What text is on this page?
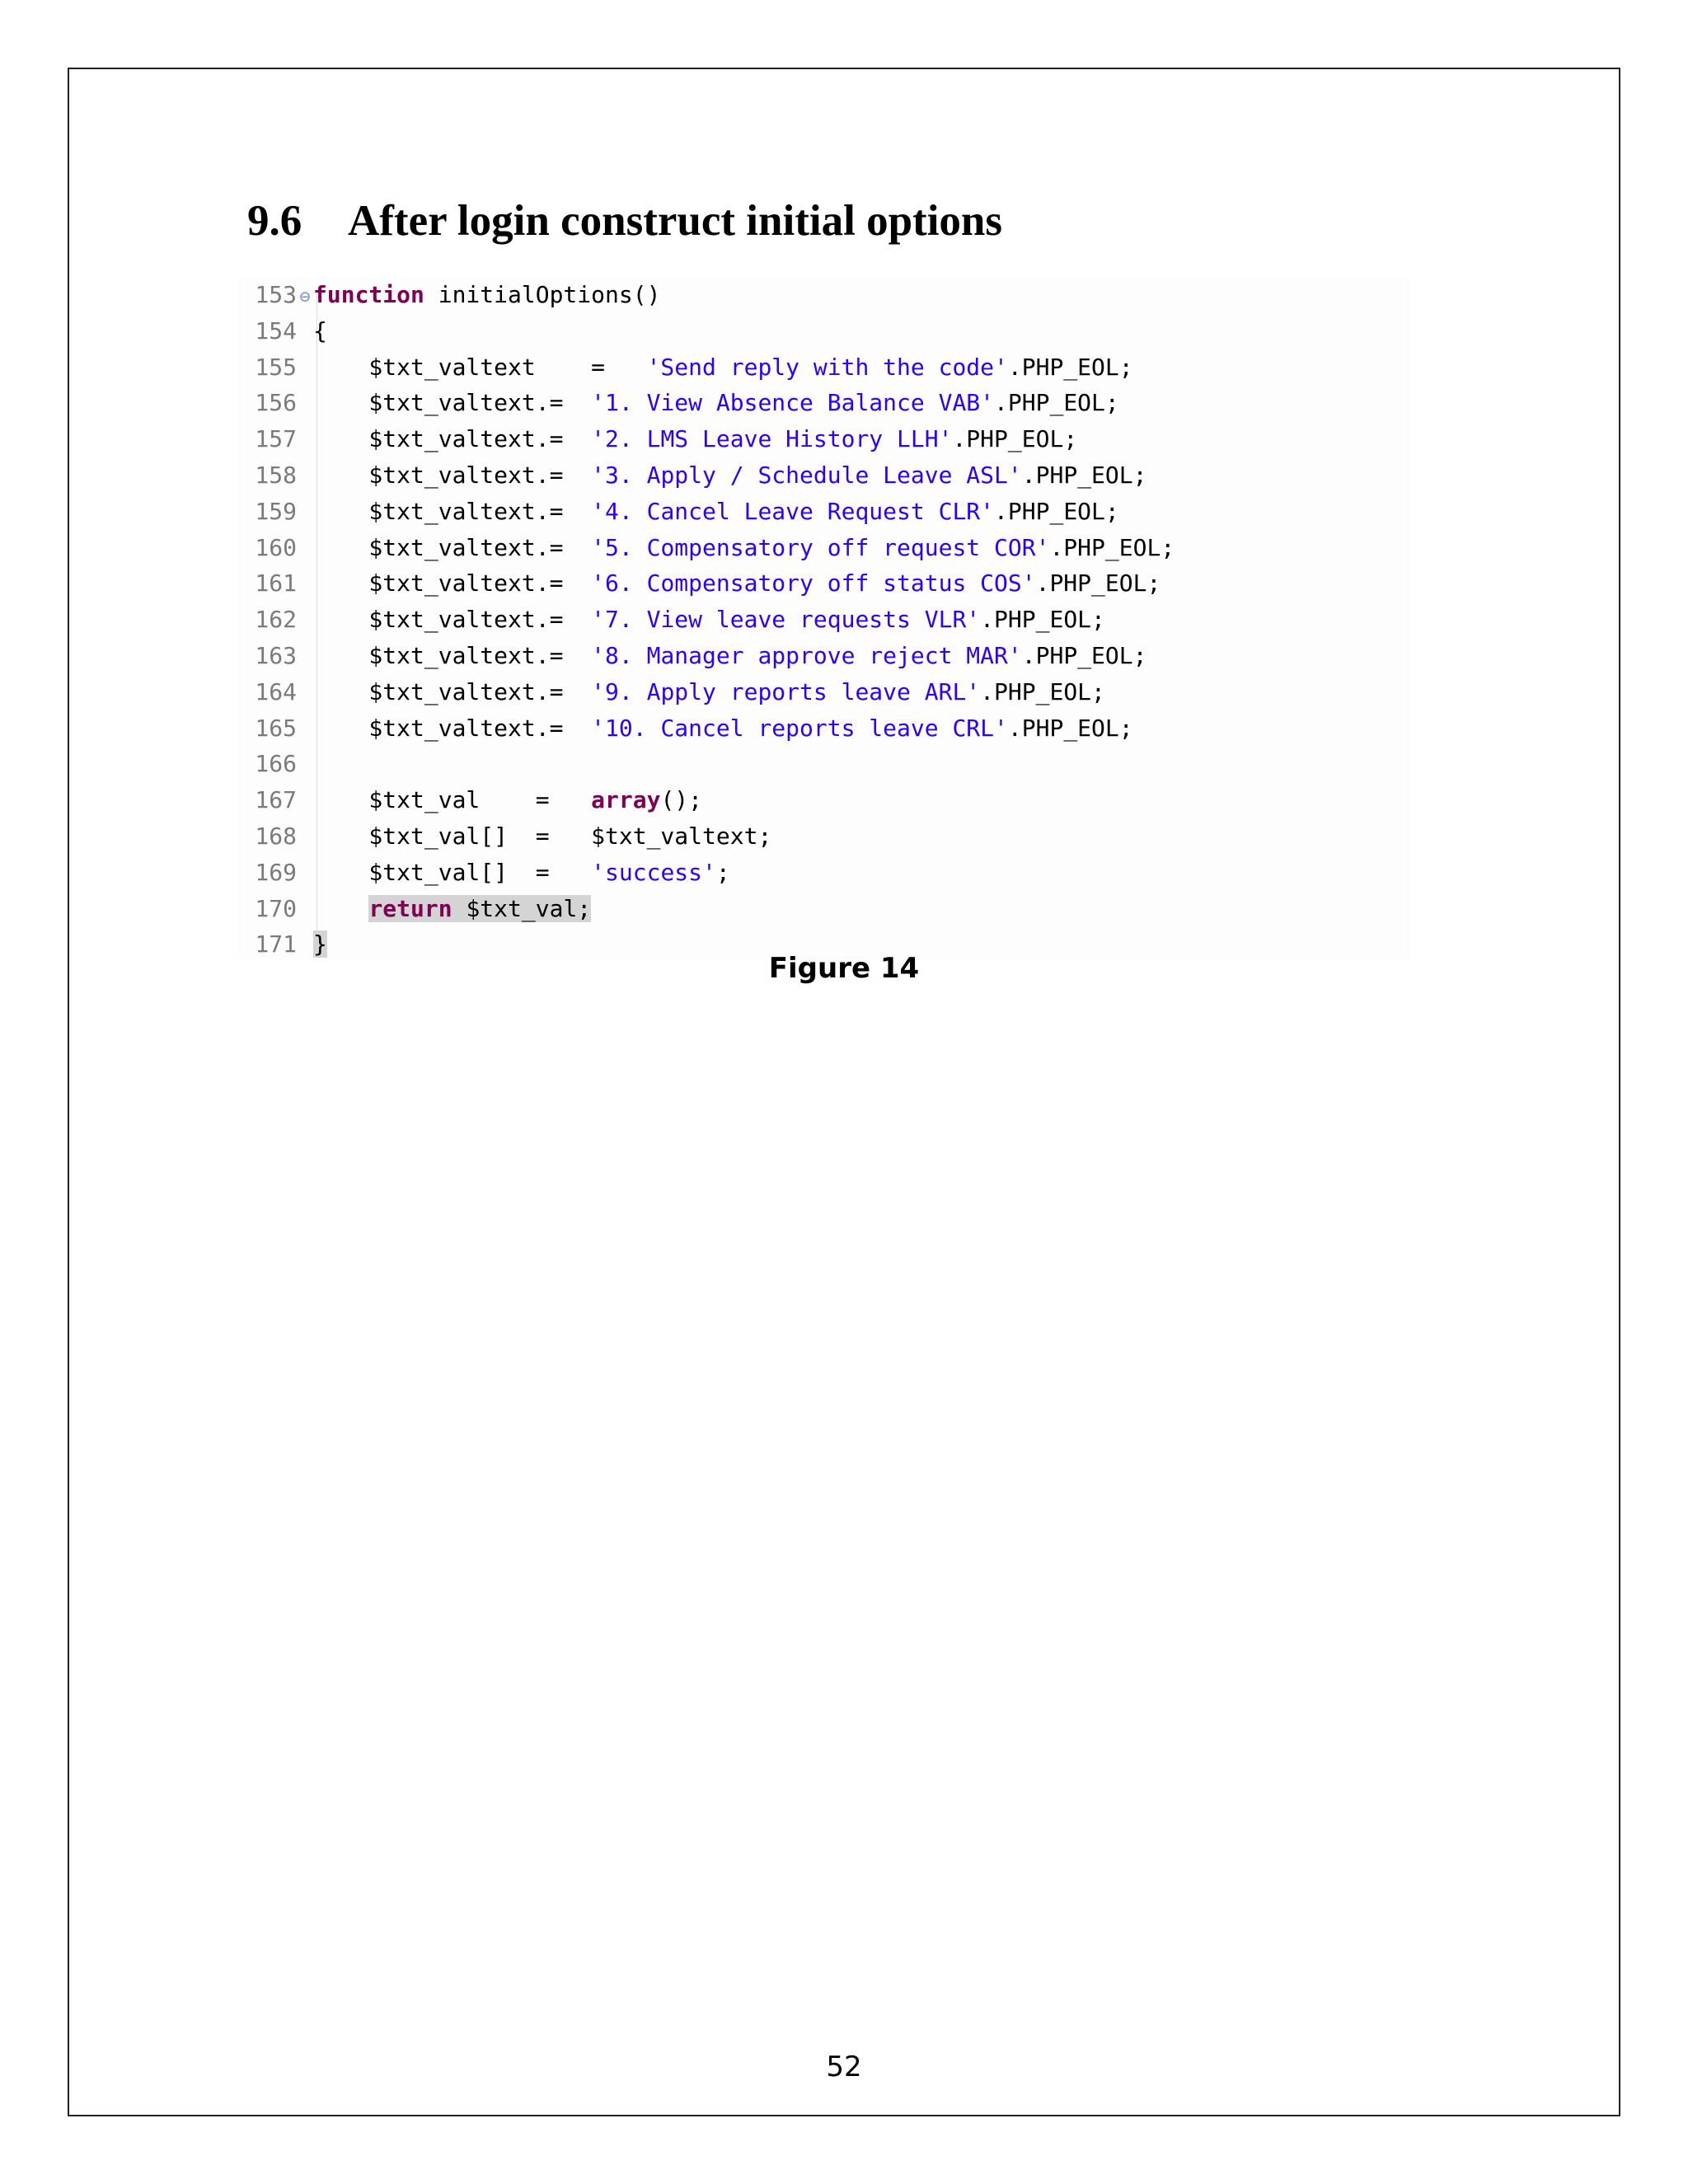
9.6 After login construct initial options
153 ⊖ function initialOptions()
154 {
155     $txt_valtext    =   'Send reply with the code'.PHP_EOL;
156     $txt_valtext.=  '1. View Absence Balance VAB'.PHP_EOL;
157     $txt_valtext.=  '2. LMS Leave History LLH'.PHP_EOL;
158     $txt_valtext.=  '3. Apply / Schedule Leave ASL'.PHP_EOL;
159     $txt_valtext.=  '4. Cancel Leave Request CLR'.PHP_EOL;
160     $txt_valtext.=  '5. Compensatory off request COR'.PHP_EOL;
161     $txt_valtext.=  '6. Compensatory off status COS'.PHP_EOL;
162     $txt_valtext.=  '7. View leave requests VLR'.PHP_EOL;
163     $txt_valtext.=  '8. Manager approve reject MAR'.PHP_EOL;
164     $txt_valtext.=  '9. Apply reports leave ARL'.PHP_EOL;
165     $txt_valtext.=  '10. Cancel reports leave CRL'.PHP_EOL;
166
167     $txt_val    =   array();
168     $txt_val[]  =   $txt_valtext;
169     $txt_val[]  =   'success';
170	return $txt_val;
171 }
Figure 14
52
